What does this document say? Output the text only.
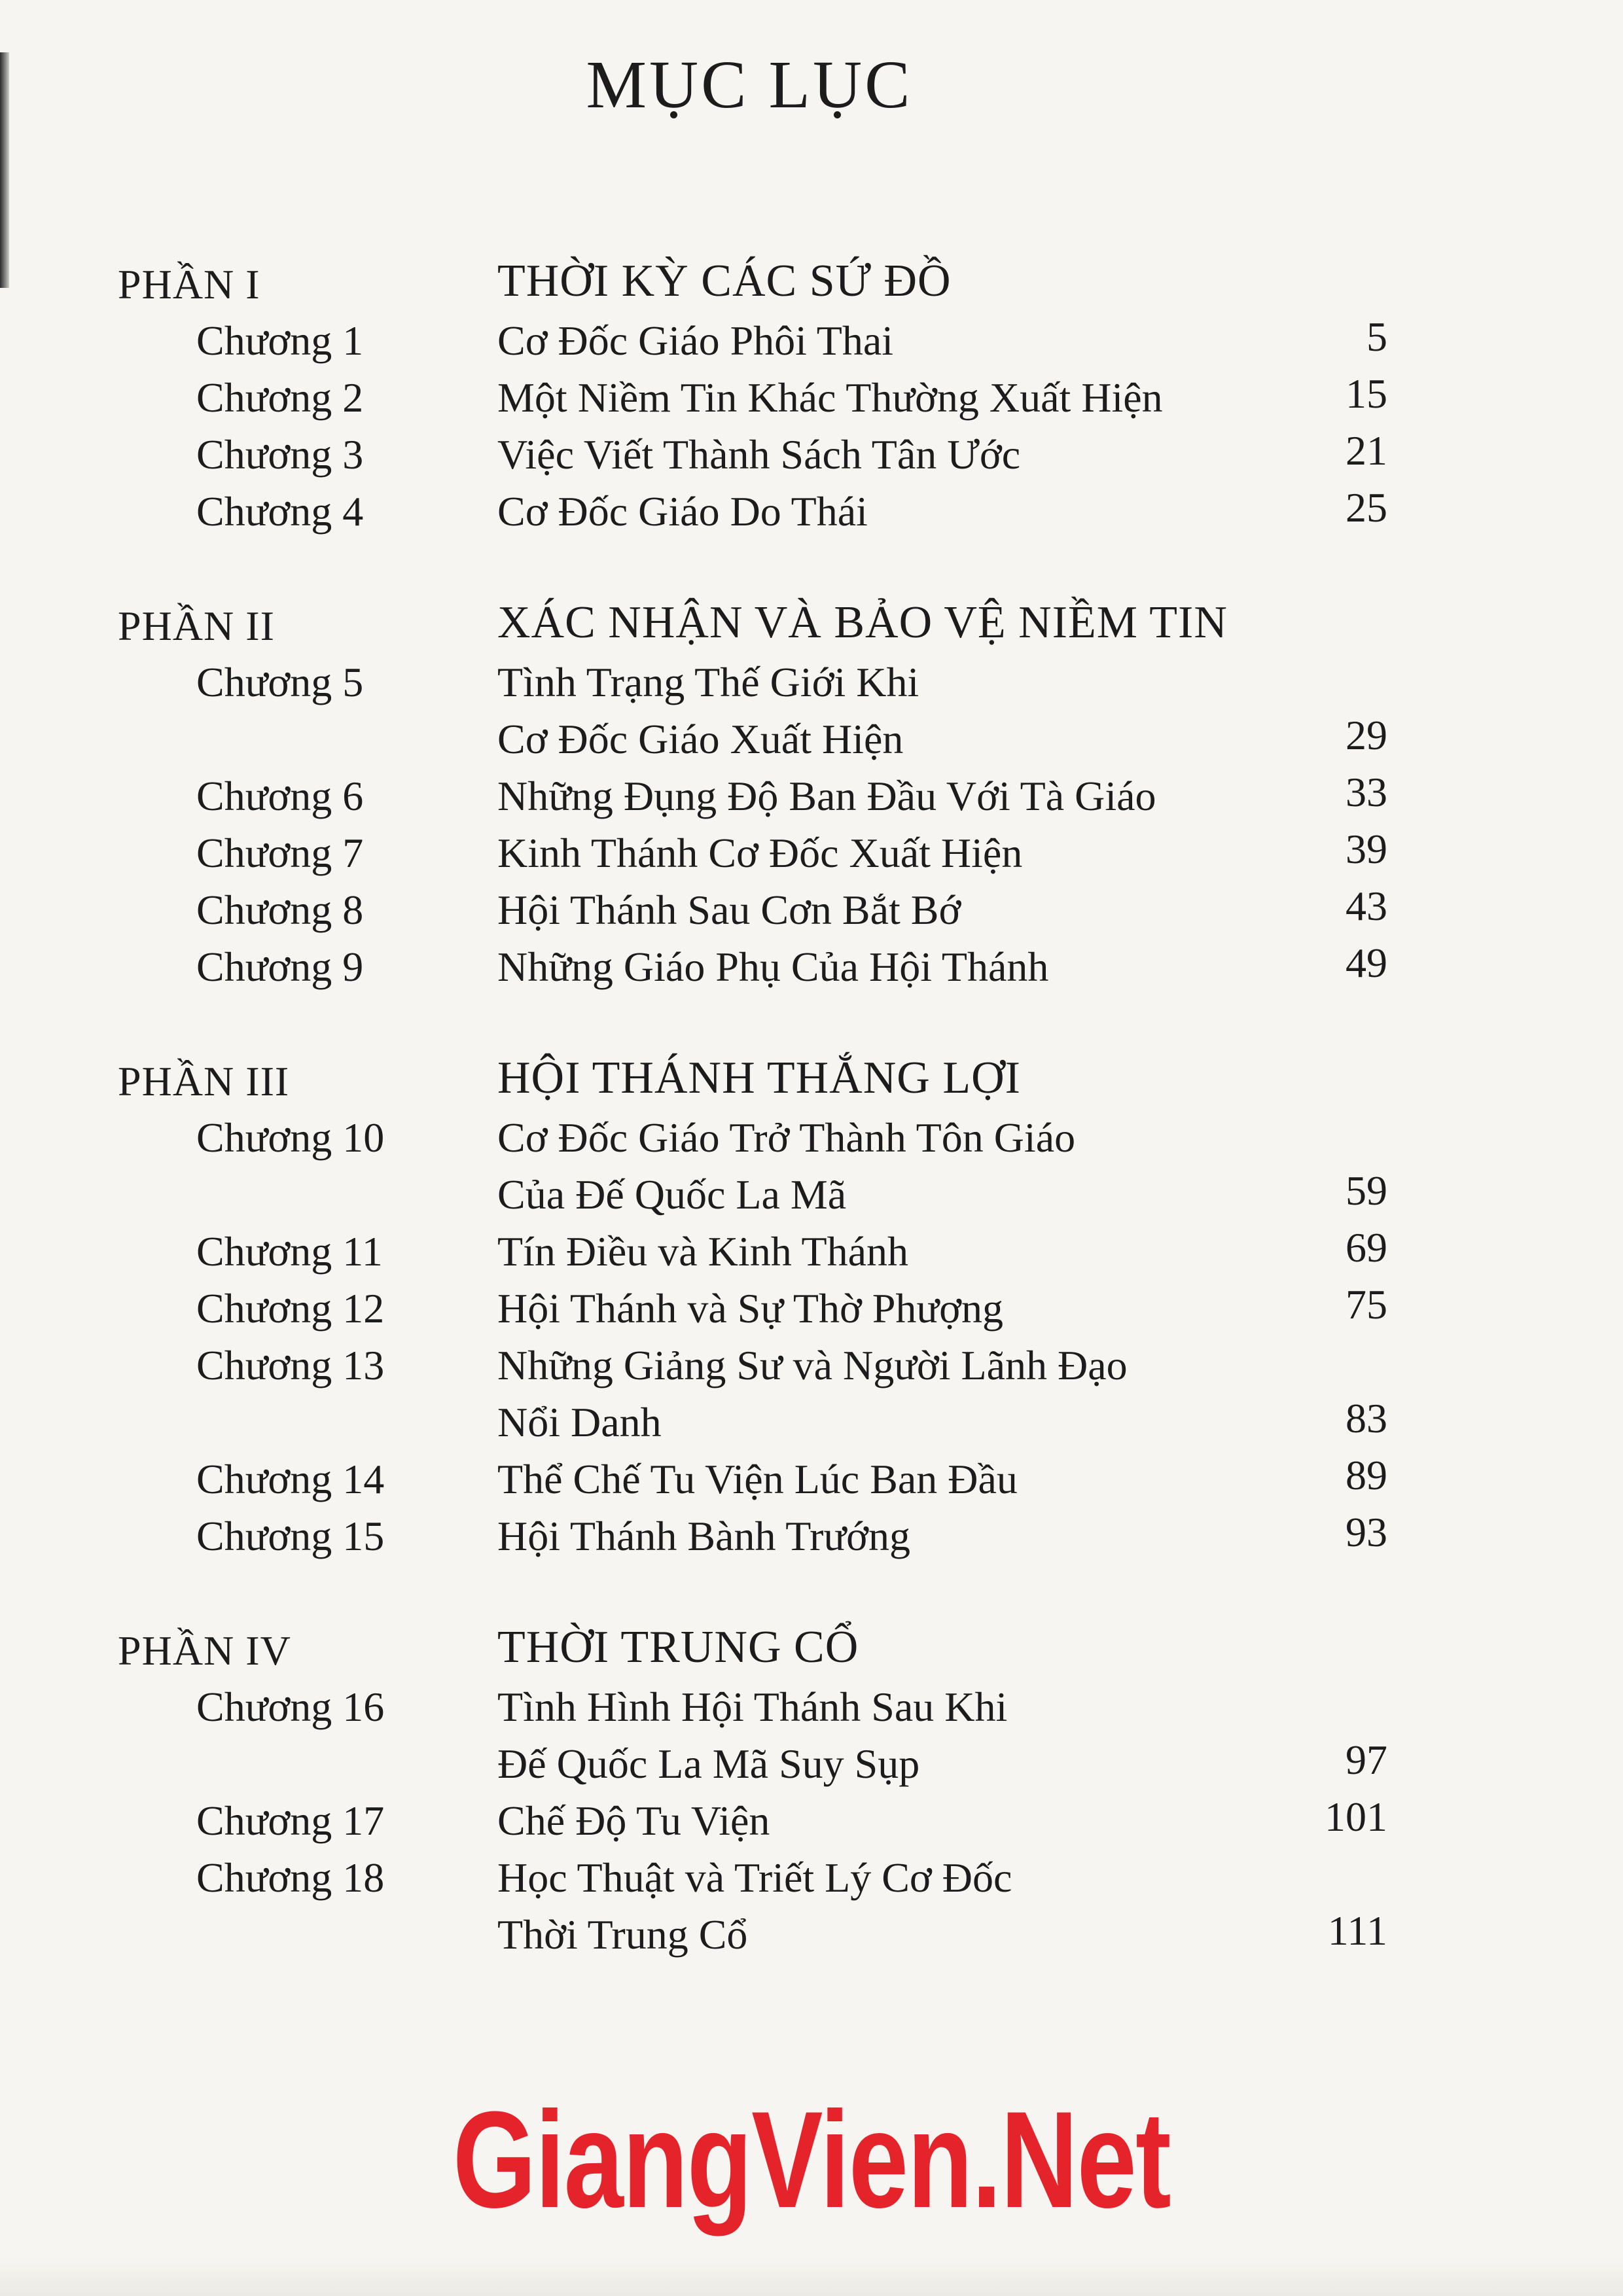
MỤC LỤC
PHẦN I	THỜI KỲ CÁC SỨ ĐỒ
Chương 1	Cơ Đốc Giáo Phôi Thai	5
Chương 2	Một Niềm Tin Khác Thường Xuất Hiện	15
Chương 3	Việc Viết Thành Sách Tân Ước	21
Chương 4	Cơ Đốc Giáo Do Thái	25
PHẦN II	XÁC NHẬN VÀ BẢO VỆ NIỀM TIN
Chương 5	Tình Trạng Thế Giới Khi
Cơ Đốc Giáo Xuất Hiện	29
Chương 6	Những Đụng Độ Ban Đầu Với Tà Giáo	33
Chương 7	Kinh Thánh Cơ Đốc Xuất Hiện	39
Chương 8	Hội Thánh Sau Cơn Bắt Bớ	43
Chương 9	Những Giáo Phụ Của Hội Thánh	49
PHẦN III	HỘI THÁNH THẮNG LỢI
Chương 10	Cơ Đốc Giáo Trở Thành Tôn Giáo
Của Đế Quốc La Mã	59
Chương 11	Tín Điều và Kinh Thánh	69
Chương 12	Hội Thánh và Sự Thờ Phượng	75
Chương 13	Những Giảng Sư và Người Lãnh Đạo
Nổi Danh	83
Chương 14	Thể Chế Tu Viện Lúc Ban Đầu	89
Chương 15	Hội Thánh Bành Trướng	93
PHẦN IV	THỜI TRUNG CỔ
Chương 16	Tình Hình Hội Thánh Sau Khi
Đế Quốc La Mã Suy Sụp	97
Chương 17	Chế Độ Tu Viện	101
Chương 18	Học Thuật và Triết Lý Cơ Đốc
Thời Trung Cổ	111
GiangVien.Net
